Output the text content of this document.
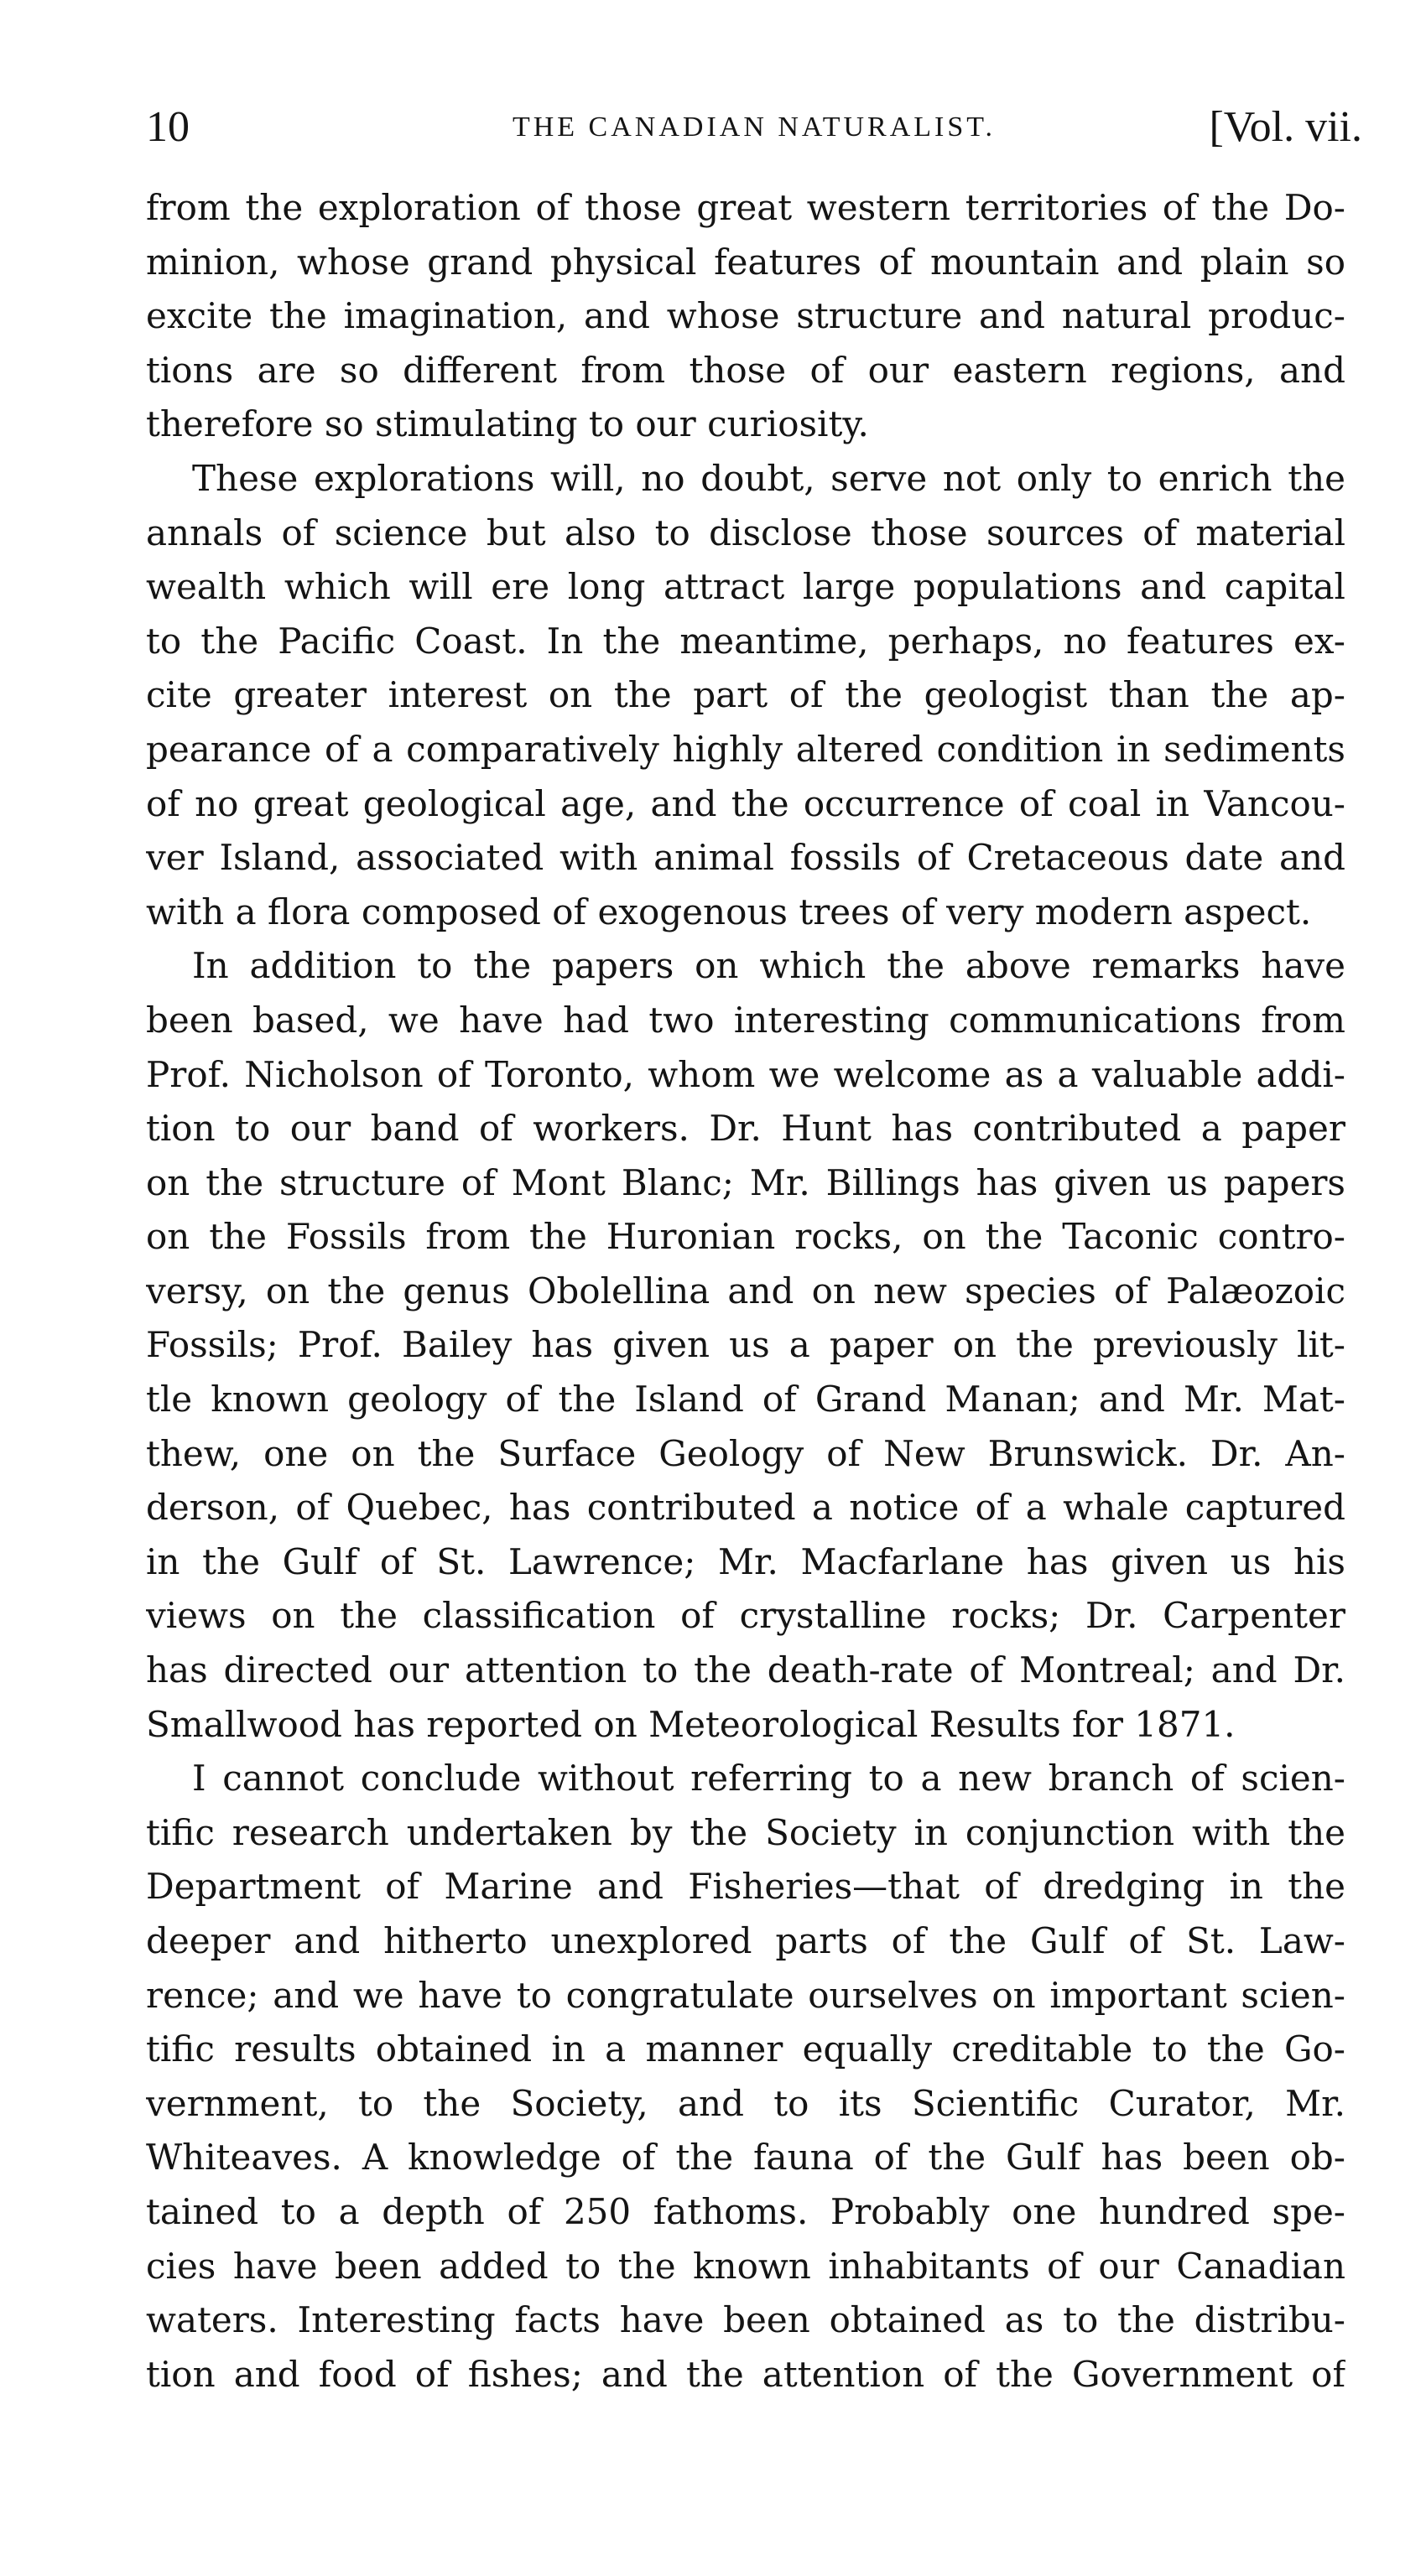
10	THE CANADIAN NATURALIST.	[Vol. vii.
from the exploration of those great western territories of the Do-
minion, whose grand physical features of mountain and plain so
excite the imagination, and whose structure and natural produc-
tions are so different from those of our eastern regions, and
therefore so stimulating to our curiosity.
These explorations will, no doubt, serve not only to enrich the
annals of science but also to disclose those sources of material
wealth which will ere long attract large populations and capital
to the Pacific Coast. In the meantime, perhaps, no features ex-
cite greater interest on the part of the geologist than the ap-
pearance of a comparatively highly altered condition in sediments
of no great geological age, and the occurrence of coal in Vancou-
ver Island, associated with animal fossils of Cretaceous date and
with a flora composed of exogenous trees of very modern aspect.
In addition to the papers on which the above remarks have
been based, we have had two interesting communications from
Prof. Nicholson of Toronto, whom we welcome as a valuable addi-
tion to our band of workers. Dr. Hunt has contributed a paper
on the structure of Mont Blanc; Mr. Billings has given us papers
on the Fossils from the Huronian rocks, on the Taconic contro-
versy, on the genus Obolellina and on new species of Palæozoic
Fossils; Prof. Bailey has given us a paper on the previously lit-
tle known geology of the Island of Grand Manan; and Mr. Mat-
thew, one on the Surface Geology of New Brunswick. Dr. An-
derson, of Quebec, has contributed a notice of a whale captured
in the Gulf of St. Lawrence; Mr. Macfarlane has given us his
views on the classification of crystalline rocks; Dr. Carpenter
has directed our attention to the death-rate of Montreal; and Dr.
Smallwood has reported on Meteorological Results for 1871.
I cannot conclude without referring to a new branch of scien-
tific research undertaken by the Society in conjunction with the
Department of Marine and Fisheries—that of dredging in the
deeper and hitherto unexplored parts of the Gulf of St. Law-
rence; and we have to congratulate ourselves on important scien-
tific results obtained in a manner equally creditable to the Go-
vernment, to the Society, and to its Scientific Curator, Mr.
Whiteaves. A knowledge of the fauna of the Gulf has been ob-
tained to a depth of 250 fathoms. Probably one hundred spe-
cies have been added to the known inhabitants of our Canadian
waters. Interesting facts have been obtained as to the distribu-
tion and food of fishes; and the attention of the Government of
